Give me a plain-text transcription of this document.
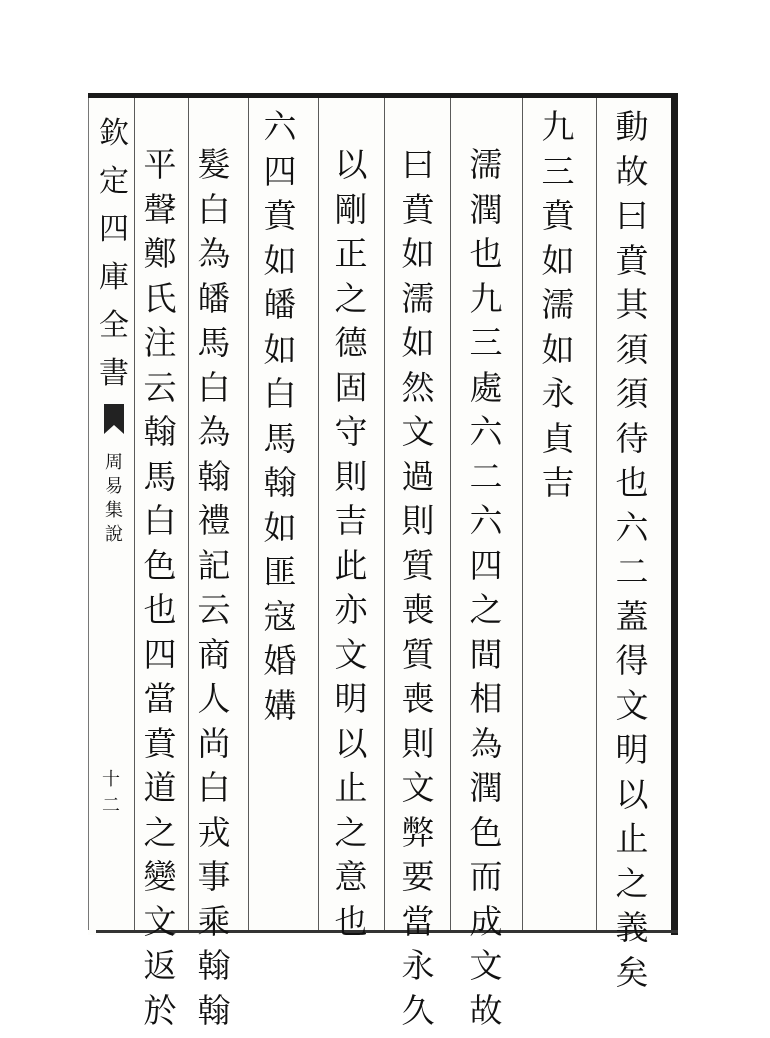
欽
定
四
庫
全
書
周
易
集
說
十二
動
故
曰
賁
其
須
須
待
也
六
二
蓋
得
文
明
以
止
之
義
矣
九
三
賁
如
濡
如
永
貞
吉
濡
潤
也
九
三
處
六
二
六
四
之
間
相
為
潤
色
而
成
文
故
曰
賁
如
濡
如
然
文
過
則
質
喪
質
喪
則
文
弊
要
當
永
久
以
剛
正
之
德
固
守
則
吉
此
亦
文
明
以
止
之
意
也
六
四
賁
如
皤
如
白
馬
翰
如
匪
寇
婚
媾
髮
白
為
皤
馬
白
為
翰
禮
記
云
商
人
尚
白
戎
事
乘
翰
翰
平
聲
鄭
氏
注
云
翰
馬
白
色
也
四
當
賁
道
之
變
文
返
於
